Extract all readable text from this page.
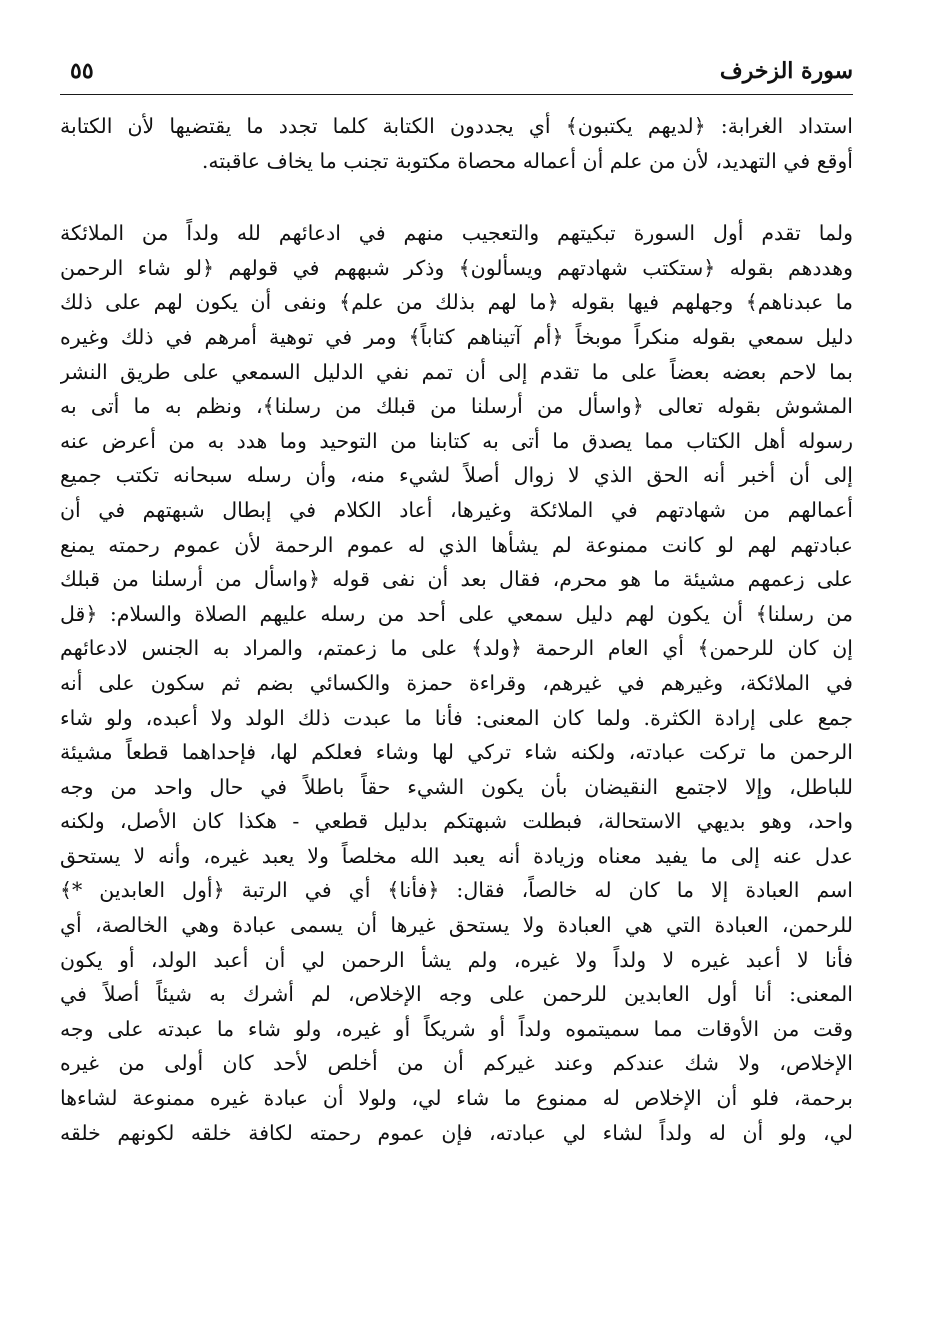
سورة الزخرف
٥٥
استداد الغرابة: ﴿لديهم يكتبون﴾ أي يجددون الكتابة كلما تجدد ما يقتضيها لأن الكتابة
أوقع في التهديد، لأن من علم أن أعماله محصاة مكتوبة تجنب ما يخاف عاقبته.
ولما تقدم أول السورة تبكيتهم والتعجيب منهم في ادعائهم لله ولداً من الملائكة
وهددهم بقوله ﴿ستكتب شهادتهم ويسألون﴾ وذكر شبههم في قولهم ﴿لو شاء الرحمن
ما عبدناهم﴾ وجهلهم فيها بقوله ﴿ما لهم بذلك من علم﴾ ونفى أن يكون لهم على ذلك
دليل سمعي بقوله منكراً موبخاً ﴿أم آتيناهم كتاباً﴾ ومر في توهية أمرهم في ذلك وغيره
بما لاحم بعضه بعضاً على ما تقدم إلى أن تمم نفي الدليل السمعي على طريق النشر
المشوش بقوله تعالى ﴿واسأل من أرسلنا من قبلك من رسلنا﴾، ونظم به ما أتى به
رسوله أهل الكتاب مما يصدق ما أتى به كتابنا من التوحيد وما هدد به من أعرض عنه
إلى أن أخبر أنه الحق الذي لا زوال أصلاً لشيء منه، وأن رسله سبحانه تكتب جميع
أعمالهم من شهادتهم في الملائكة وغيرها، أعاد الكلام في إبطال شبهتهم في أن
عبادتهم لهم لو كانت ممنوعة لم يشأها الذي له عموم الرحمة لأن عموم رحمته يمنع
على زعمهم مشيئة ما هو محرم، فقال بعد أن نفى قوله ﴿واسأل من أرسلنا من قبلك
من رسلنا﴾ أن يكون لهم دليل سمعي على أحد من رسله عليهم الصلاة والسلام: ﴿قل
إن كان للرحمن﴾ أي العام الرحمة ﴿ولد﴾ على ما زعمتم، والمراد به الجنس لادعائهم
في الملائكة، وغيرهم في غيرهم، وقراءة حمزة والكسائي بضم ثم سكون على أنه
جمع على إرادة الكثرة. ولما كان المعنى: فأنا ما عبدت ذلك الولد ولا أعبده، ولو شاء
الرحمن ما تركت عبادته، ولكنه شاء تركي لها وشاء فعلكم لها، فإحداهما قطعاً مشيئة
للباطل، وإلا لاجتمع النقيضان بأن يكون الشيء حقاً باطلاً في حال واحد من وجه
واحد، وهو بديهي الاستحالة، فبطلت شبهتكم بدليل قطعي - هكذا كان الأصل، ولكنه
عدل عنه إلى ما يفيد معناه وزيادة أنه يعبد الله مخلصاً ولا يعبد غيره، وأنه لا يستحق
اسم العبادة إلا ما كان له خالصاً، فقال: ﴿فأنا﴾ أي في الرتبة ﴿أول العابدين *﴾
للرحمن، العبادة التي هي العبادة ولا يستحق غيرها أن يسمى عبادة وهي الخالصة، أي
فأنا لا أعبد غيره لا ولداً ولا غيره، ولم يشأ الرحمن لي أن أعبد الولد، أو يكون
المعنى: أنا أول العابدين للرحمن على وجه الإخلاص، لم أشرك به شيئاً أصلاً في
وقت من الأوقات مما سميتموه ولداً أو شريكاً أو غيره، ولو شاء ما عبدته على وجه
الإخلاص، ولا شك عندكم وعند غيركم أن من أخلص لأحد كان أولى من غيره
برحمة، فلو أن الإخلاص له ممنوع ما شاء لي، ولولا أن عبادة غيره ممنوعة لشاءها
لي، ولو أن له ولداً لشاء لي عبادته، فإن عموم رحمته لكافة خلقه لكونهم خلقه
